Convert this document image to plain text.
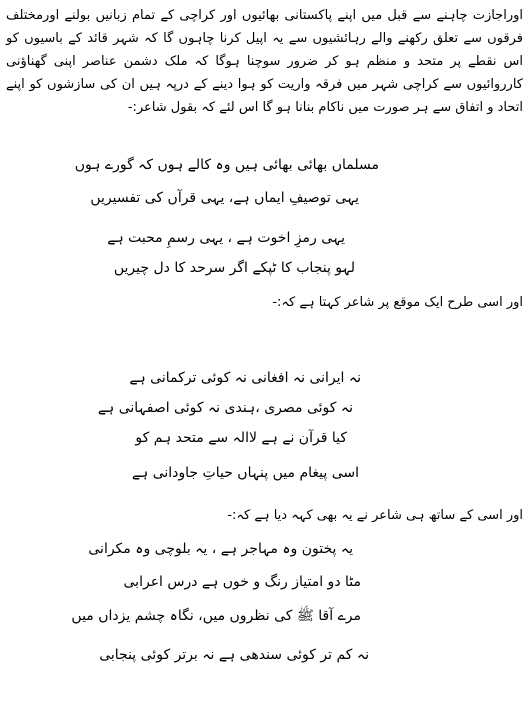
اوراجازت چاہنے سے قبل میں اپنے پاکستانی بھائیوں اور کراچی کے تمام زبانیں بولنے اورمختلف فرقوں سے تعلق رکھنے والے رہائشیوں سے یہ اپیل کرنا چاہوں گا کہ شہر قائد کے باسیوں کو اس نقطے پر متحد و منظم ہو کر ضرور سوچنا ہوگا کہ ملک دشمن عناصر اپنی گھناؤنی کارروائیوں سے کراچی شہر میں فرقہ واریت کو ہوا دینے کے درپہ ہیں ان کی سازشوں کو اپنے اتحاد و اتفاق سے ہر صورت میں ناکام بنانا ہو گا اس لئے کہ بقول شاعر:-

مسلماں بھائی بھائی ہیں وہ کالے ہوں کہ گورے ہوں

یہی توصیفِ ایماں ہے، یہی قرآں کی تفسیریں

یہی رمزِ اخوت ہے ، یہی رسمِ محبت ہے

لہو پنجاب کا ٹپکے اگر سرحد کا دل چیریں

اور اسی طرح ایک موقع پر شاعر کہتا ہے کہ:-

نہ ایرانی نہ افغانی نہ کوئی ترکمانی ہے

نہ کوئی مصری ،ہندی نہ کوئی اصفہانی ہے

کیا قرآن نے ہے لاالہ سے متحد ہم کو

اسی پیغام میں پنہاں حیاتِ جاودانی ہے

اور اسی کے ساتھ ہی شاعر نے یہ بھی کہہ دیا ہے کہ:-

یہ پختون وہ مہاجر ہے ، یہ بلوچی وہ مکرانی

مٹا دو امتیاز رنگ و خوں ہے درس اعرابی

مرے آقا ﷺ کی نظروں میں، نگاہ چشم یزداں میں

نہ کم تر کوئی سندھی ہے نہ برتر کوئی پنجابی
